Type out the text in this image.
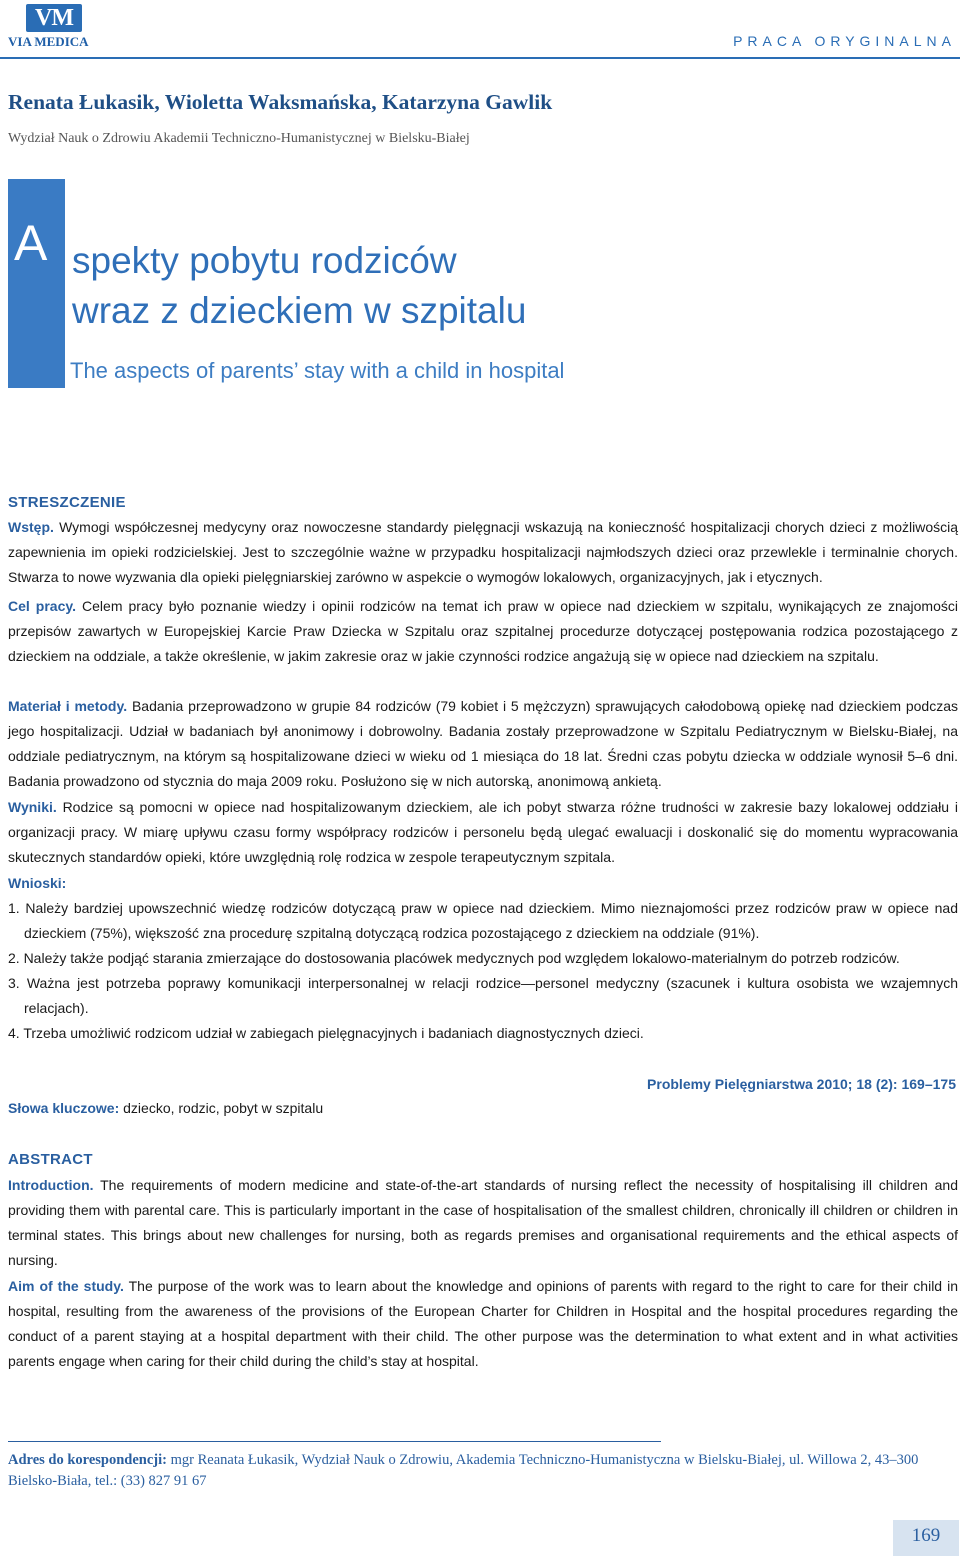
VM
VIA MEDICA	PRACA ORYGINALNA
Renata Łukasik, Wioletta Waksmańska, Katarzyna Gawlik
Wydział Nauk o Zdrowiu Akademii Techniczno-Humanistycznej w Bielsku-Białej
A spekty pobytu rodziców
wraz z dzieckiem w szpitalu
The aspects of parents’ stay with a child in hospital
STRESZCZENIE
Wstęp. Wymogi współczesnej medycyny oraz nowoczesne standardy pielęgnacji wskazują na konieczność hospitalizacji chorych dzieci z możliwością zapewnienia im opieki rodzicielskiej. Jest to szczególnie ważne w przypadku hospitalizacji najmłodszych dzieci oraz przewlekle i terminalnie chorych. Stwarza to nowe wyzwania dla opieki pielęgniarskiej zarówno w aspekcie o wymogów lokalowych, organizacyjnych, jak i etycznych.
Cel pracy. Celem pracy było poznanie wiedzy i opinii rodziców na temat ich praw w opiece nad dzieckiem w szpitalu, wynikających ze znajomości przepisów zawartych w Europejskiej Karcie Praw Dziecka w Szpitalu oraz szpitalnej procedurze dotyczącej postępowania rodzica pozostającego z dzieckiem na oddziale, a także określenie, w jakim zakresie oraz w jakie czynności rodzice angażują się w opiece nad dzieckiem na szpitalu.
Materiał i metody. Badania przeprowadzono w grupie 84 rodziców (79 kobiet i 5 mężczyzn) sprawujących całodobową opiekę nad dzieckiem podczas jego hospitalizacji. Udział w badaniach był anonimowy i dobrowolny. Badania zostały przeprowadzone w Szpitalu Pediatrycznym w Bielsku-Białej, na oddziale pediatrycznym, na którym są hospitalizowane dzieci w wieku od 1 miesiąca do 18 lat. Średni czas pobytu dziecka w oddziale wynosił 5–6 dni. Badania prowadzono od stycznia do maja 2009 roku. Posłużono się w nich autorską, anonimową ankietą.
Wyniki. Rodzice są pomocni w opiece nad hospitalizowanym dzieckiem, ale ich pobyt stwarza różne trudności w zakresie bazy lokalowej oddziału i organizacji pracy. W miarę upływu czasu formy współpracy rodziców i personelu będą ulegać ewaluacji i doskonalić się do momentu wypracowania skutecznych standardów opieki, które uwzględnią rolę rodzica w zespole terapeutycznym szpitala.
Wnioski:
1. Należy bardziej upowszechnić wiedzę rodziców dotyczącą praw w opiece nad dzieckiem. Mimo nieznajomości przez rodziców praw w opiece nad dzieckiem (75%), większość zna procedurę szpitalną dotyczącą rodzica pozostającego z dzieckiem na oddziale (91%).
2. Należy także podjąć starania zmierzające do dostosowania placówek medycznych pod względem lokalowo-materialnym do potrzeb rodziców.
3. Ważna jest potrzeba poprawy komunikacji interpersonalnej w relacji rodzice—personel medyczny (szacunek i kultura osobista we wzajemnych relacjach).
4. Trzeba umożliwić rodzicom udział w zabiegach pielęgnacyjnych i badaniach diagnostycznych dzieci.
Problemy Pielęgniarstwa 2010; 18 (2): 169–175
Słowa kluczowe: dziecko, rodzic, pobyt w szpitalu
ABSTRACT
Introduction. The requirements of modern medicine and state-of-the-art standards of nursing reflect the necessity of hospitalising ill children and providing them with parental care. This is particularly important in the case of hospitalisation of the smallest children, chronically ill children or children in terminal states. This brings about new challenges for nursing, both as regards premises and organisational requirements and the ethical aspects of nursing.
Aim of the study. The purpose of the work was to learn about the knowledge and opinions of parents with regard to the right to care for their child in hospital, resulting from the awareness of the provisions of the European Charter for Children in Hospital and the hospital procedures regarding the conduct of a parent staying at a hospital department with their child. The other purpose was the determination to what extent and in what activities parents engage when caring for their child during the child’s stay at hospital.
Adres do korespondencji: mgr Reanata Łukasik, Wydział Nauk o Zdrowiu, Akademia Techniczno-Humanistyczna w Bielsku-Białej, ul. Willowa 2, 43–300 Bielsko-Biała, tel.: (33) 827 91 67
169
